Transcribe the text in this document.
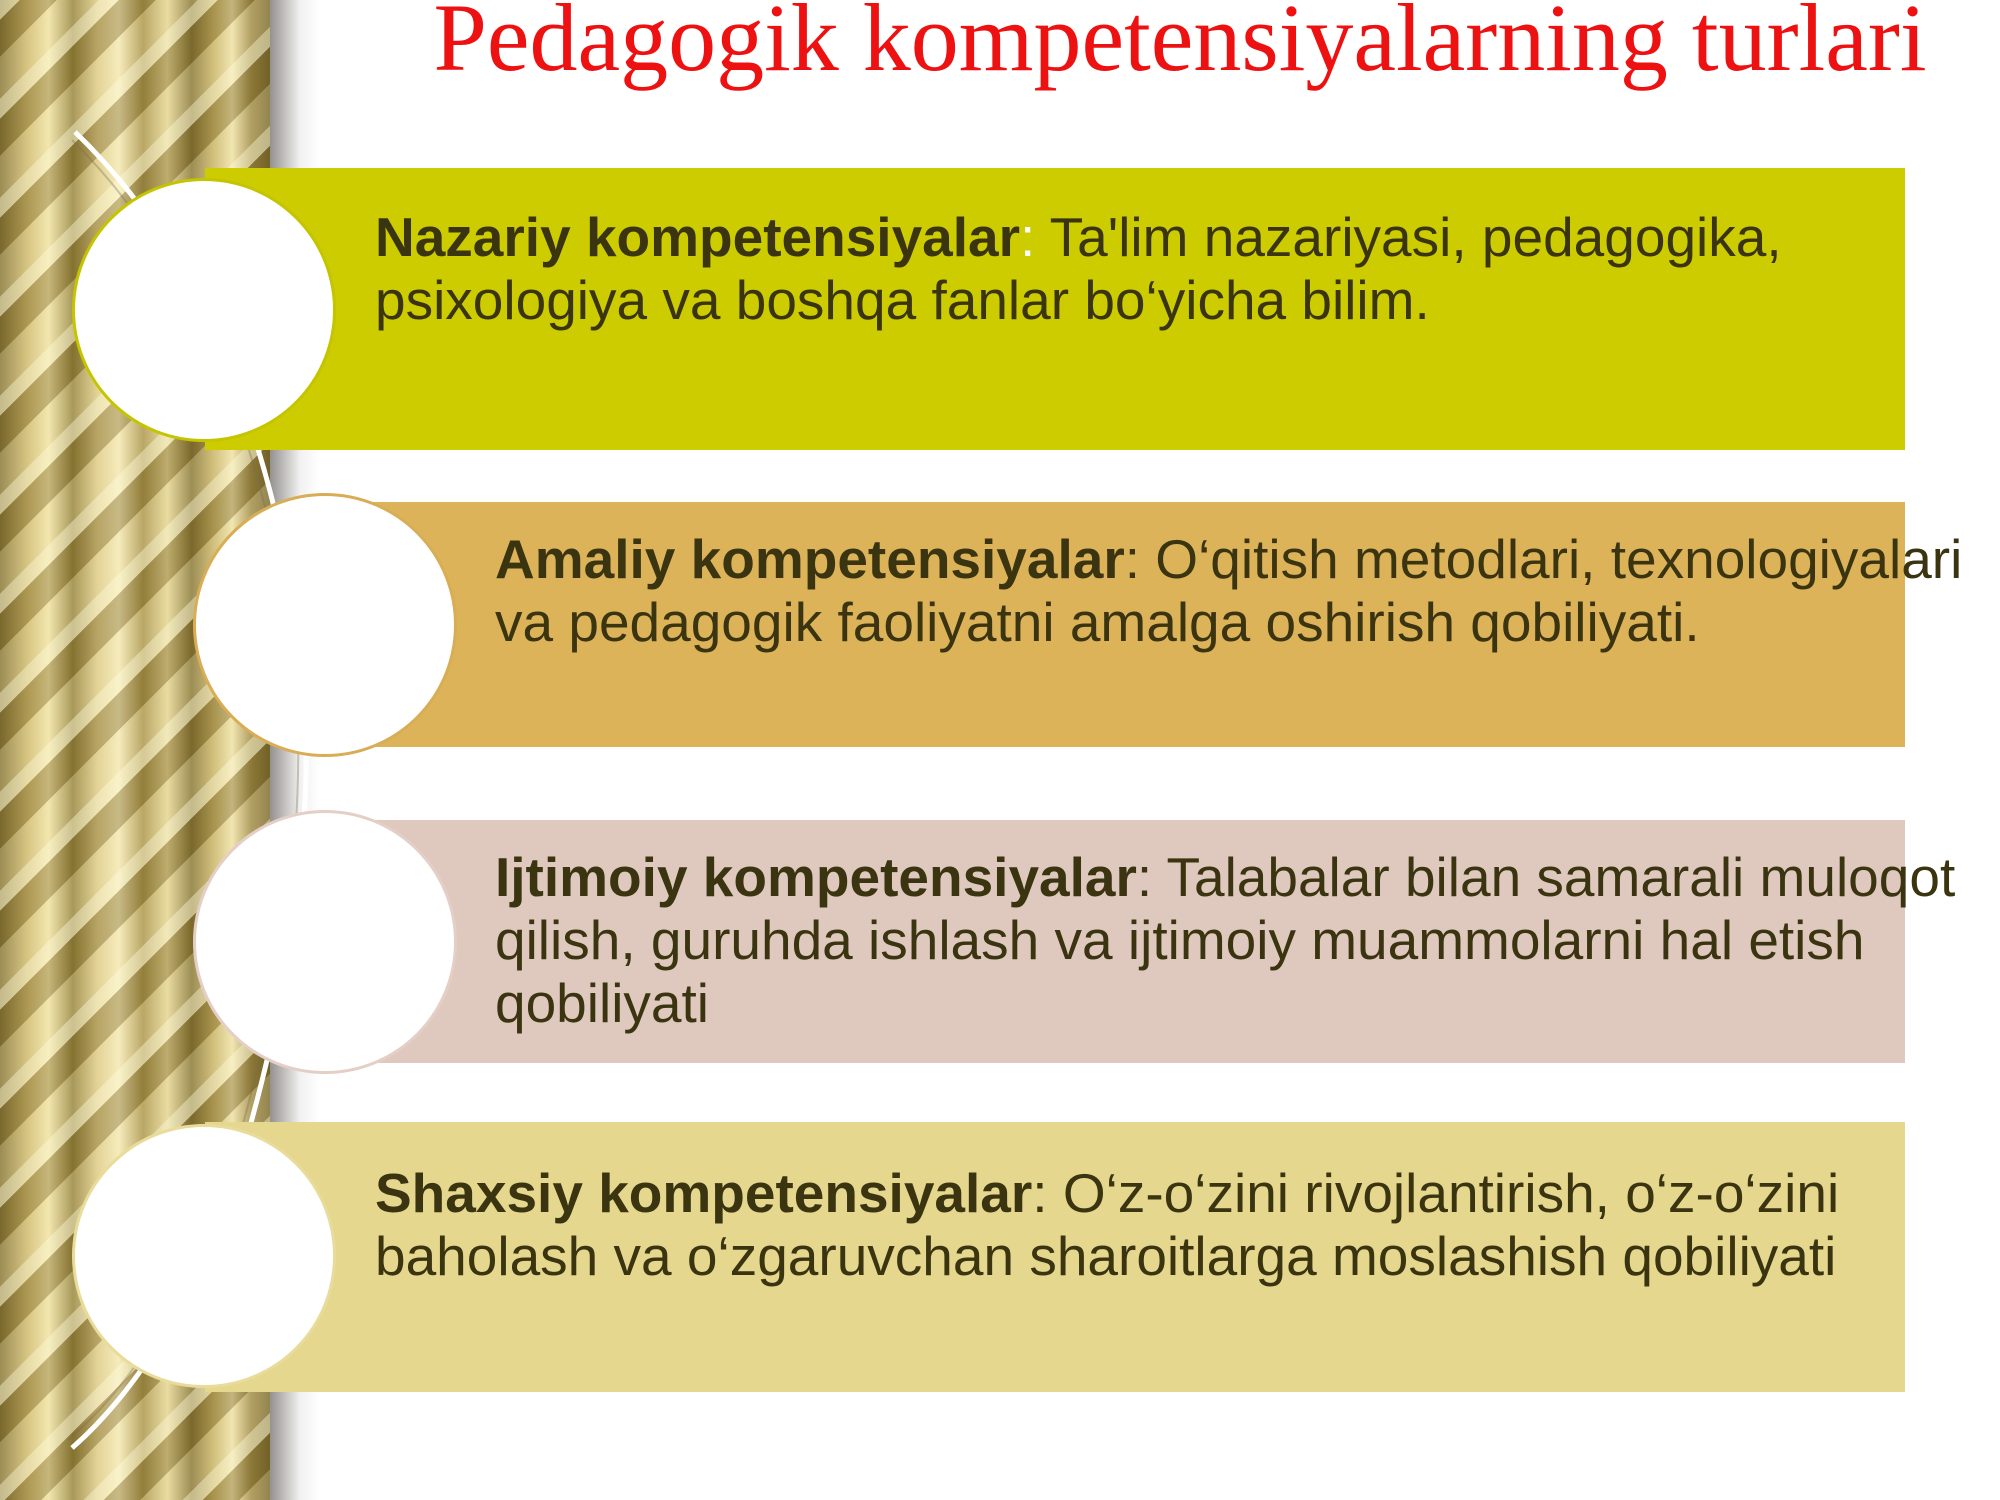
Pedagogik kompetensiyalarning turlari

Nazariy kompetensiyalar: Ta'lim nazariyasi, pedagogika, psixologiya va boshqa fanlar bo‘yicha bilim.

Amaliy kompetensiyalar: O‘qitish metodlari, texnologiyalari va pedagogik faoliyatni amalga oshirish qobiliyati.

Ijtimoiy kompetensiyalar: Talabalar bilan samarali muloqot qilish, guruhda ishlash va ijtimoiy muammolarni hal etish qobiliyati

Shaxsiy kompetensiyalar: O‘z-o‘zini rivojlantirish, o‘z-o‘zini baholash va o‘zgaruvchan sharoitlarga moslashish qobiliyati
